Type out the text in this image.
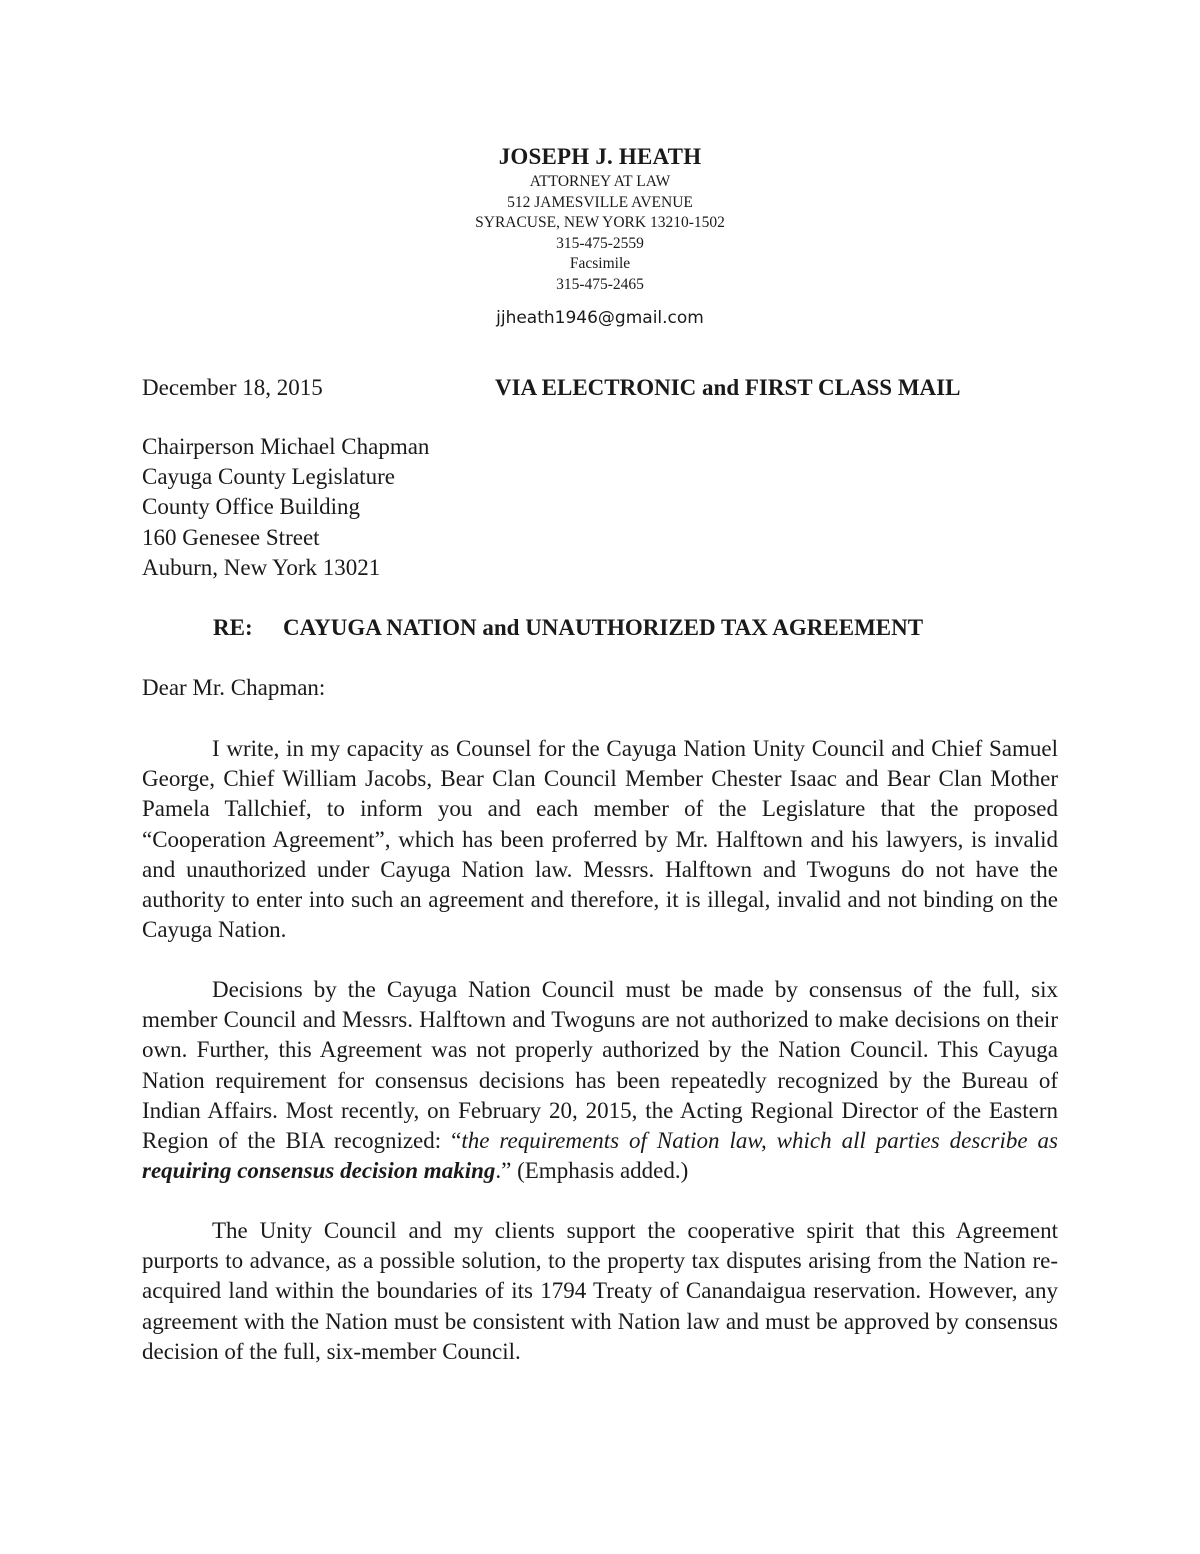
JOSEPH J. HEATH
ATTORNEY AT LAW
512 JAMESVILLE AVENUE
SYRACUSE, NEW YORK 13210-1502
315-475-2559
Facsimile
315-475-2465
jjheath1946@gmail.com
December 18, 2015	VIA ELECTRONIC and FIRST CLASS MAIL
Chairperson Michael Chapman
Cayuga County Legislature
County Office Building
160 Genesee Street
Auburn, New York 13021
RE: CAYUGA NATION and UNAUTHORIZED TAX AGREEMENT
Dear Mr. Chapman:
I write, in my capacity as Counsel for the Cayuga Nation Unity Council and Chief Samuel George, Chief William Jacobs, Bear Clan Council Member Chester Isaac and Bear Clan Mother Pamela Tallchief, to inform you and each member of the Legislature that the proposed “Cooperation Agreement”, which has been proferred by Mr. Halftown and his lawyers, is invalid and unauthorized under Cayuga Nation law. Messrs. Halftown and Twoguns do not have the authority to enter into such an agreement and therefore, it is illegal, invalid and not binding on the Cayuga Nation.
Decisions by the Cayuga Nation Council must be made by consensus of the full, six member Council and Messrs. Halftown and Twoguns are not authorized to make decisions on their own. Further, this Agreement was not properly authorized by the Nation Council. This Cayuga Nation requirement for consensus decisions has been repeatedly recognized by the Bureau of Indian Affairs. Most recently, on February 20, 2015, the Acting Regional Director of the Eastern Region of the BIA recognized: “the requirements of Nation law, which all parties describe as requiring consensus decision making.” (Emphasis added.)
The Unity Council and my clients support the cooperative spirit that this Agreement purports to advance, as a possible solution, to the property tax disputes arising from the Nation re-acquired land within the boundaries of its 1794 Treaty of Canandaigua reservation. However, any agreement with the Nation must be consistent with Nation law and must be approved by consensus decision of the full, six-member Council.
